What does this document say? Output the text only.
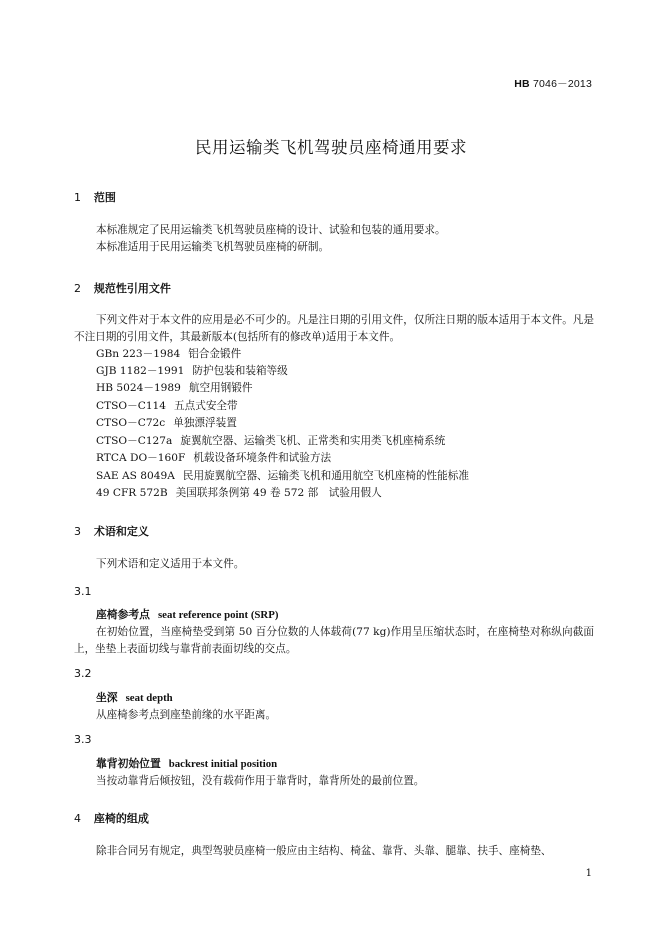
HB 7046－2013
民用运输类飞机驾驶员座椅通用要求
1 范围
本标准规定了民用运输类飞机驾驶员座椅的设计、试验和包装的通用要求。
本标准适用于民用运输类飞机驾驶员座椅的研制。
2 规范性引用文件
下列文件对于本文件的应用是必不可少的。凡是注日期的引用文件，仅所注日期的版本适用于本文件。凡是不注日期的引用文件，其最新版本(包括所有的修改单)适用于本文件。
GBn 223－1984 铝合金锻件
GJB 1182－1991 防护包装和装箱等级
HB 5024－1989 航空用钢锻件
CTSO－C114 五点式安全带
CTSO－C72c 单独漂浮装置
CTSO－C127a 旋翼航空器、运输类飞机、正常类和实用类飞机座椅系统
RTCA DO－160F 机载设备环境条件和试验方法
SAE AS 8049A 民用旋翼航空器、运输类飞机和通用航空飞机座椅的性能标准
49 CFR 572B 美国联邦条例第 49 卷 572 部　试验用假人
3 术语和定义
下列术语和定义适用于本文件。
3.1
座椅参考点 seat reference point (SRP)
在初始位置，当座椅垫受到第 50 百分位数的人体载荷(77 kg)作用呈压缩状态时，在座椅垫对称纵向截面上，坐垫上表面切线与靠背前表面切线的交点。
3.2
坐深 seat depth
从座椅参考点到座垫前缘的水平距离。
3.3
靠背初始位置 backrest initial position
当按动靠背后倾按钮，没有载荷作用于靠背时，靠背所处的最前位置。
4 座椅的组成
除非合同另有规定，典型驾驶员座椅一般应由主结构、椅盆、靠背、头靠、腿靠、扶手、座椅垫、
1
